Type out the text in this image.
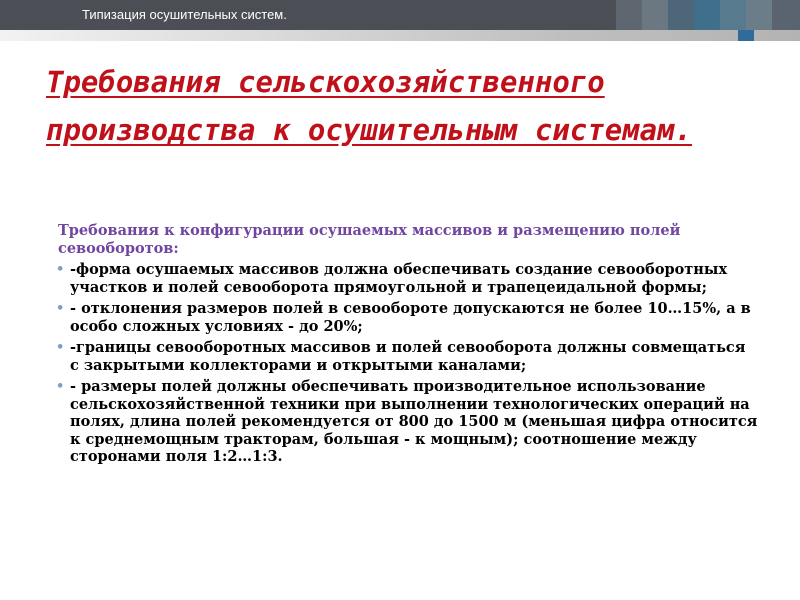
Типизация осушительных систем.
Требования сельскохозяйственного производства к осушительным системам.

Требования к конфигурации осушаемых массивов и размещению полей севооборотов:

• -форма осушаемых массивов должна обеспечивать создание севооборотных участков и полей севооборота прямоугольной и трапецеидальной формы;
• - отклонения размеров полей в севообороте допускаются не более 10…15%, а в особо сложных условиях - до 20%;
• -границы севооборотных массивов и полей севооборота должны совмещаться с закрытыми коллекторами и открытыми каналами;
• - размеры полей должны обеспечивать производительное использование сельскохозяйственной техники при выполнении технологических операций на полях, длина полей рекомендуется от 800 до 1500 м (меньшая цифра относится к среднемощным тракторам, большая - к мощным); соотношение между сторонами поля 1:2…1:3.
